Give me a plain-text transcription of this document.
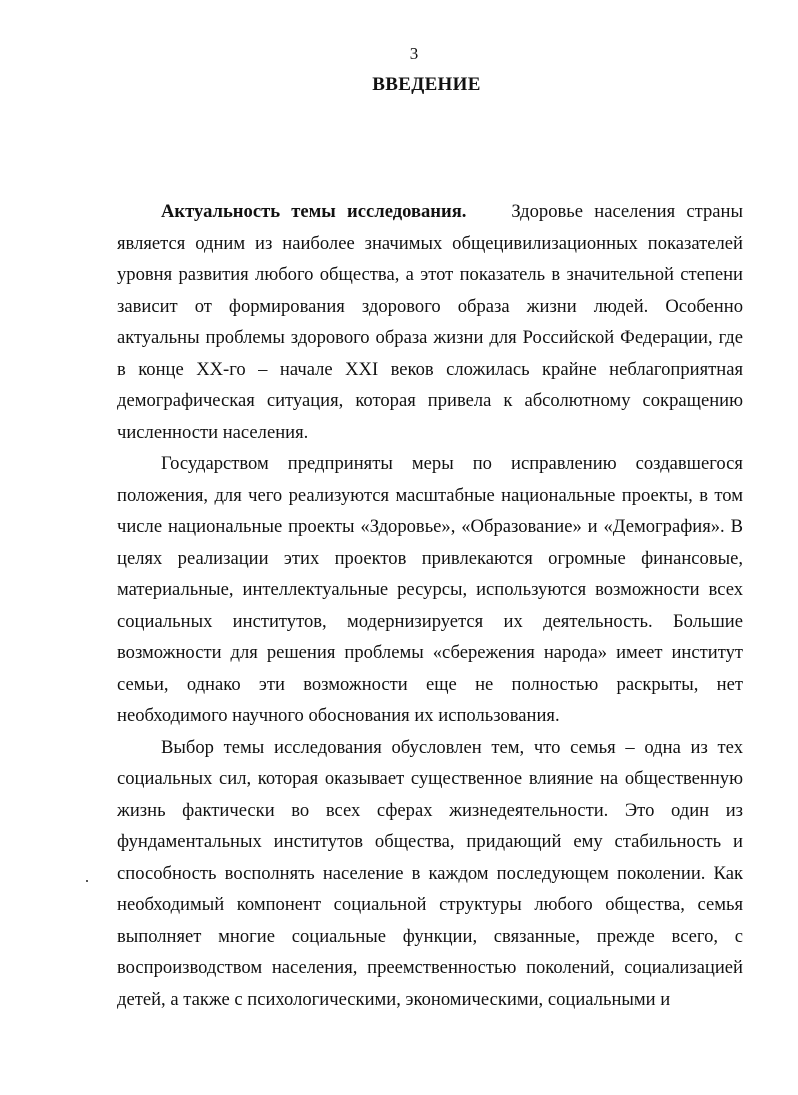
3
ВВЕДЕНИЕ

Актуальность темы исследования. Здоровье населения страны является одним из наиболее значимых общецивилизационных показателей уровня развития любого общества, а этот показатель в значительной степени зависит от формирования здорового образа жизни людей. Особенно актуальны проблемы здорового образа жизни для Российской Федерации, где в конце XX-го – начале XXI веков сложилась крайне неблагоприятная демографическая ситуация, которая привела к абсолютному сокращению численности населения.

Государством предприняты меры по исправлению создавшегося положения, для чего реализуются масштабные национальные проекты, в том числе национальные проекты «Здоровье», «Образование» и «Демография». В целях реализации этих проектов привлекаются огромные финансовые, материальные, интеллектуальные ресурсы, используются возможности всех социальных институтов, модернизируется их деятельность. Большие возможности для решения проблемы «сбережения народа» имеет институт семьи, однако эти возможности еще не полностью раскрыты, нет необходимого научного обоснования их использования.

Выбор темы исследования обусловлен тем, что семья – одна из тех социальных сил, которая оказывает существенное влияние на общественную жизнь фактически во всех сферах жизнедеятельности. Это один из фундаментальных институтов общества, придающий ему стабильность и способность восполнять население в каждом последующем поколении. Как необходимый компонент социальной структуры любого общества, семья выполняет многие социальные функции, связанные, прежде всего, с воспроизводством населения, преемственностью поколений, социализацией детей, а также с психологическими, экономическими, социальными и
